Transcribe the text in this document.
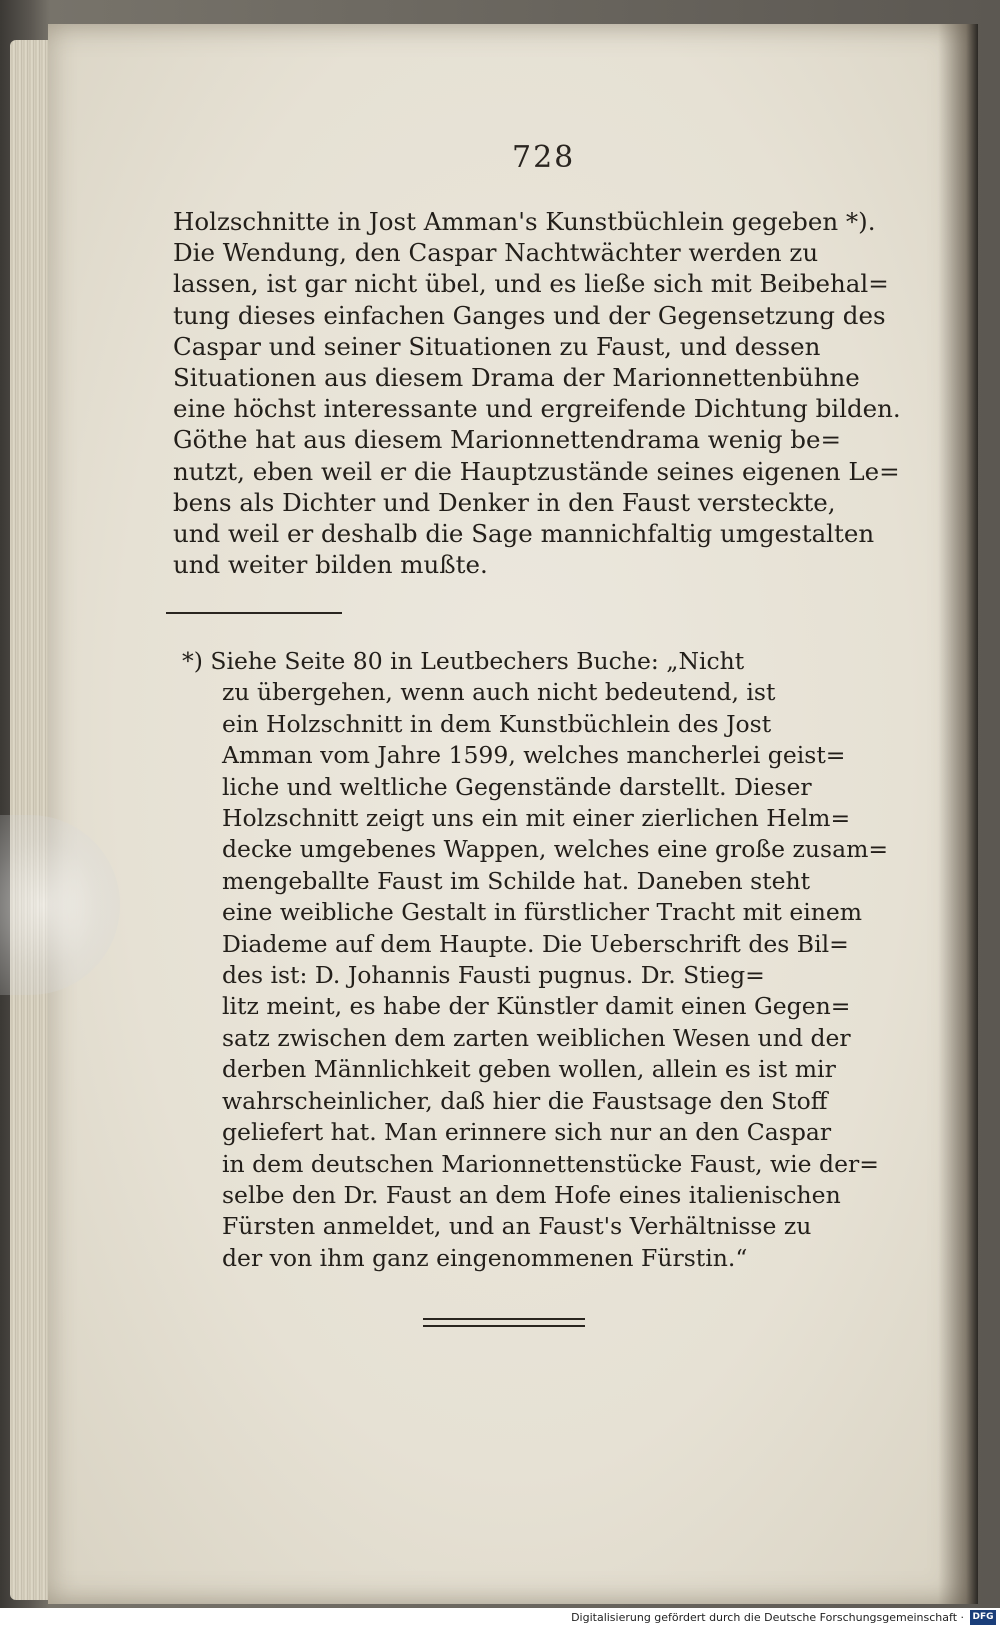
728

Holzschnitte in Jost Amman's Kunstbüchlein gegeben *).
Die Wendung, den Caspar Nachtwächter werden zu
lassen, ist gar nicht übel, und es ließe sich mit Beibehal=
tung dieses einfachen Ganges und der Gegensetzung des
Caspar und seiner Situationen zu Faust, und dessen
Situationen aus diesem Drama der Marionnettenbühne
eine höchst interessante und ergreifende Dichtung bilden.
Göthe hat aus diesem Marionnettendrama wenig be=
nutzt, eben weil er die Hauptzustände seines eigenen Le=
bens als Dichter und Denker in den Faust versteckte,
und weil er deshalb die Sage mannichfaltig umgestalten
und weiter bilden mußte.

*) Siehe Seite 80 in Leutbechers Buche: „Nicht
zu übergehen, wenn auch nicht bedeutend, ist
ein Holzschnitt in dem Kunstbüchlein des Jost
Amman vom Jahre 1599, welches mancherlei geist=
liche und weltliche Gegenstände darstellt. Dieser
Holzschnitt zeigt uns ein mit einer zierlichen Helm=
decke umgebenes Wappen, welches eine große zusam=
mengeballte Faust im Schilde hat. Daneben steht
eine weibliche Gestalt in fürstlicher Tracht mit einem
Diademe auf dem Haupte. Die Ueberschrift des Bil=
des ist: D. Johannis Fausti pugnus. Dr. Stieg=
litz meint, es habe der Künstler damit einen Gegen=
satz zwischen dem zarten weiblichen Wesen und der
derben Männlichkeit geben wollen, allein es ist mir
wahrscheinlicher, daß hier die Faustsage den Stoff
geliefert hat. Man erinnere sich nur an den Caspar
in dem deutschen Marionnettenstücke Faust, wie der=
selbe den Dr. Faust an dem Hofe eines italienischen
Fürsten anmeldet, und an Faust's Verhältnisse zu
der von ihm ganz eingenommenen Fürstin.“

Digitalisierung gefördert durch die Deutsche Forschungsgemeinschaft · DFG
